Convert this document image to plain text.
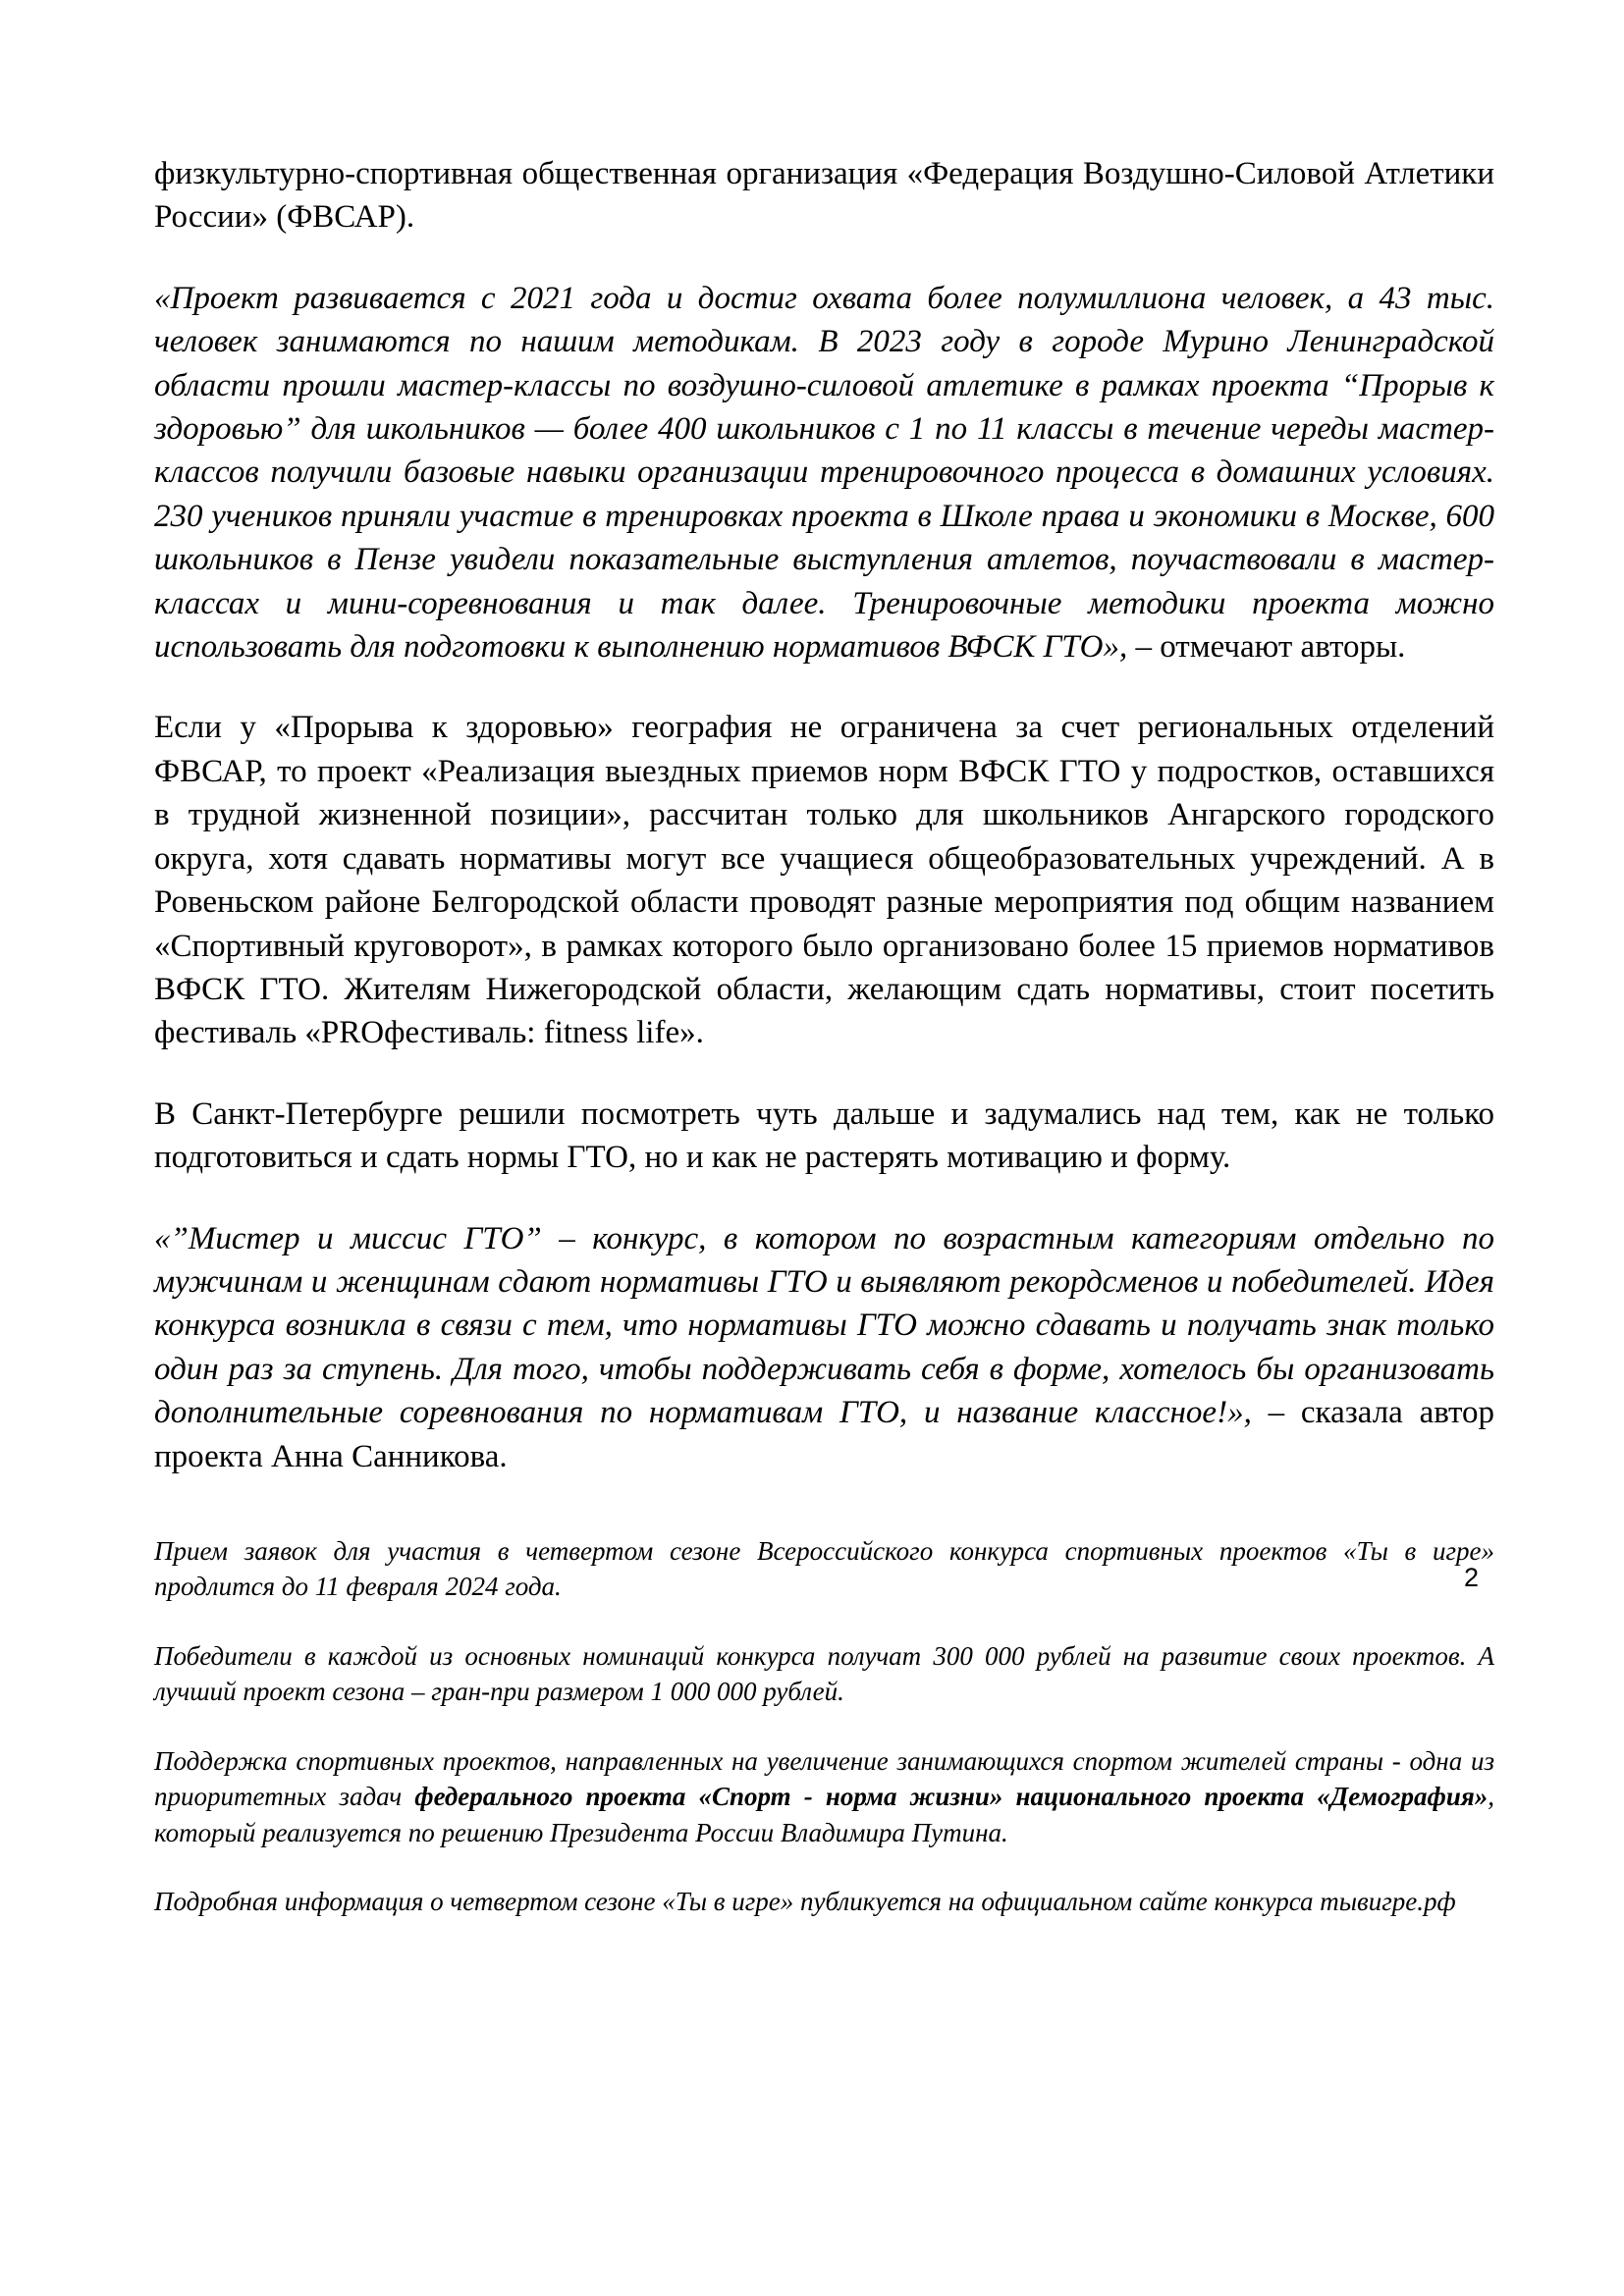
физкультурно-спортивная общественная организация «Федерация Воздушно-Силовой Атлетики России» (ФВСАР).

«Проект развивается с 2021 года и достиг охвата более полумиллиона человек, а 43 тыс. человек занимаются по нашим методикам. В 2023 году в городе Мурино Ленинградской области прошли мастер-классы по воздушно-силовой атлетике в рамках проекта “Прорыв к здоровью” для школьников — более 400 школьников с 1 по 11 классы в течение череды мастер-классов получили базовые навыки организации тренировочного процесса в домашних условиях. 230 учеников приняли участие в тренировках проекта в Школе права и экономики в Москве, 600 школьников в Пензе увидели показательные выступления атлетов, поучаствовали в мастер-классах и мини-соревнования и так далее. Тренировочные методики проекта можно использовать для подготовки к выполнению нормативов ВФСК ГТО», – отмечают авторы.

Если у «Прорыва к здоровью» география не ограничена за счет региональных отделений ФВСАР, то проект «Реализация выездных приемов норм ВФСК ГТО у подростков, оставшихся в трудной жизненной позиции», рассчитан только для школьников Ангарского городского округа, хотя сдавать нормативы могут все учащиеся общеобразовательных учреждений. А в Ровеньском районе Белгородской области проводят разные мероприятия под общим названием «Спортивный круговорот», в рамках которого было организовано более 15 приемов нормативов ВФСК ГТО. Жителям Нижегородской области, желающим сдать нормативы, стоит посетить фестиваль «PROфестиваль: fitness life».

В Санкт-Петербурге решили посмотреть чуть дальше и задумались над тем, как не только подготовиться и сдать нормы ГТО, но и как не растерять мотивацию и форму.

«”Мистер и миссис ГТО” – конкурс, в котором по возрастным категориям отдельно по мужчинам и женщинам сдают нормативы ГТО и выявляют рекордсменов и победителей. Идея конкурса возникла в связи с тем, что нормативы ГТО можно сдавать и получать знак только один раз за ступень. Для того, чтобы поддерживать себя в форме, хотелось бы организовать дополнительные соревнования по нормативам ГТО, и название классное!», – сказала автор проекта Анна Санникова.

Прием заявок для участия в четвертом сезоне Всероссийского конкурса спортивных проектов «Ты в игре» продлится до 11 февраля 2024 года.

Победители в каждой из основных номинаций конкурса получат 300 000 рублей на развитие своих проектов. А лучший проект сезона – гран-при размером 1 000 000 рублей.

Поддержка спортивных проектов, направленных на увеличение занимающихся спортом жителей страны - одна из приоритетных задач федерального проекта «Спорт - норма жизни» национального проекта «Демография», который реализуется по решению Президента России Владимира Путина.

Подробная информация о четвертом сезоне «Ты в игре» публикуется на официальном сайте конкурса тывигре.рф

2
